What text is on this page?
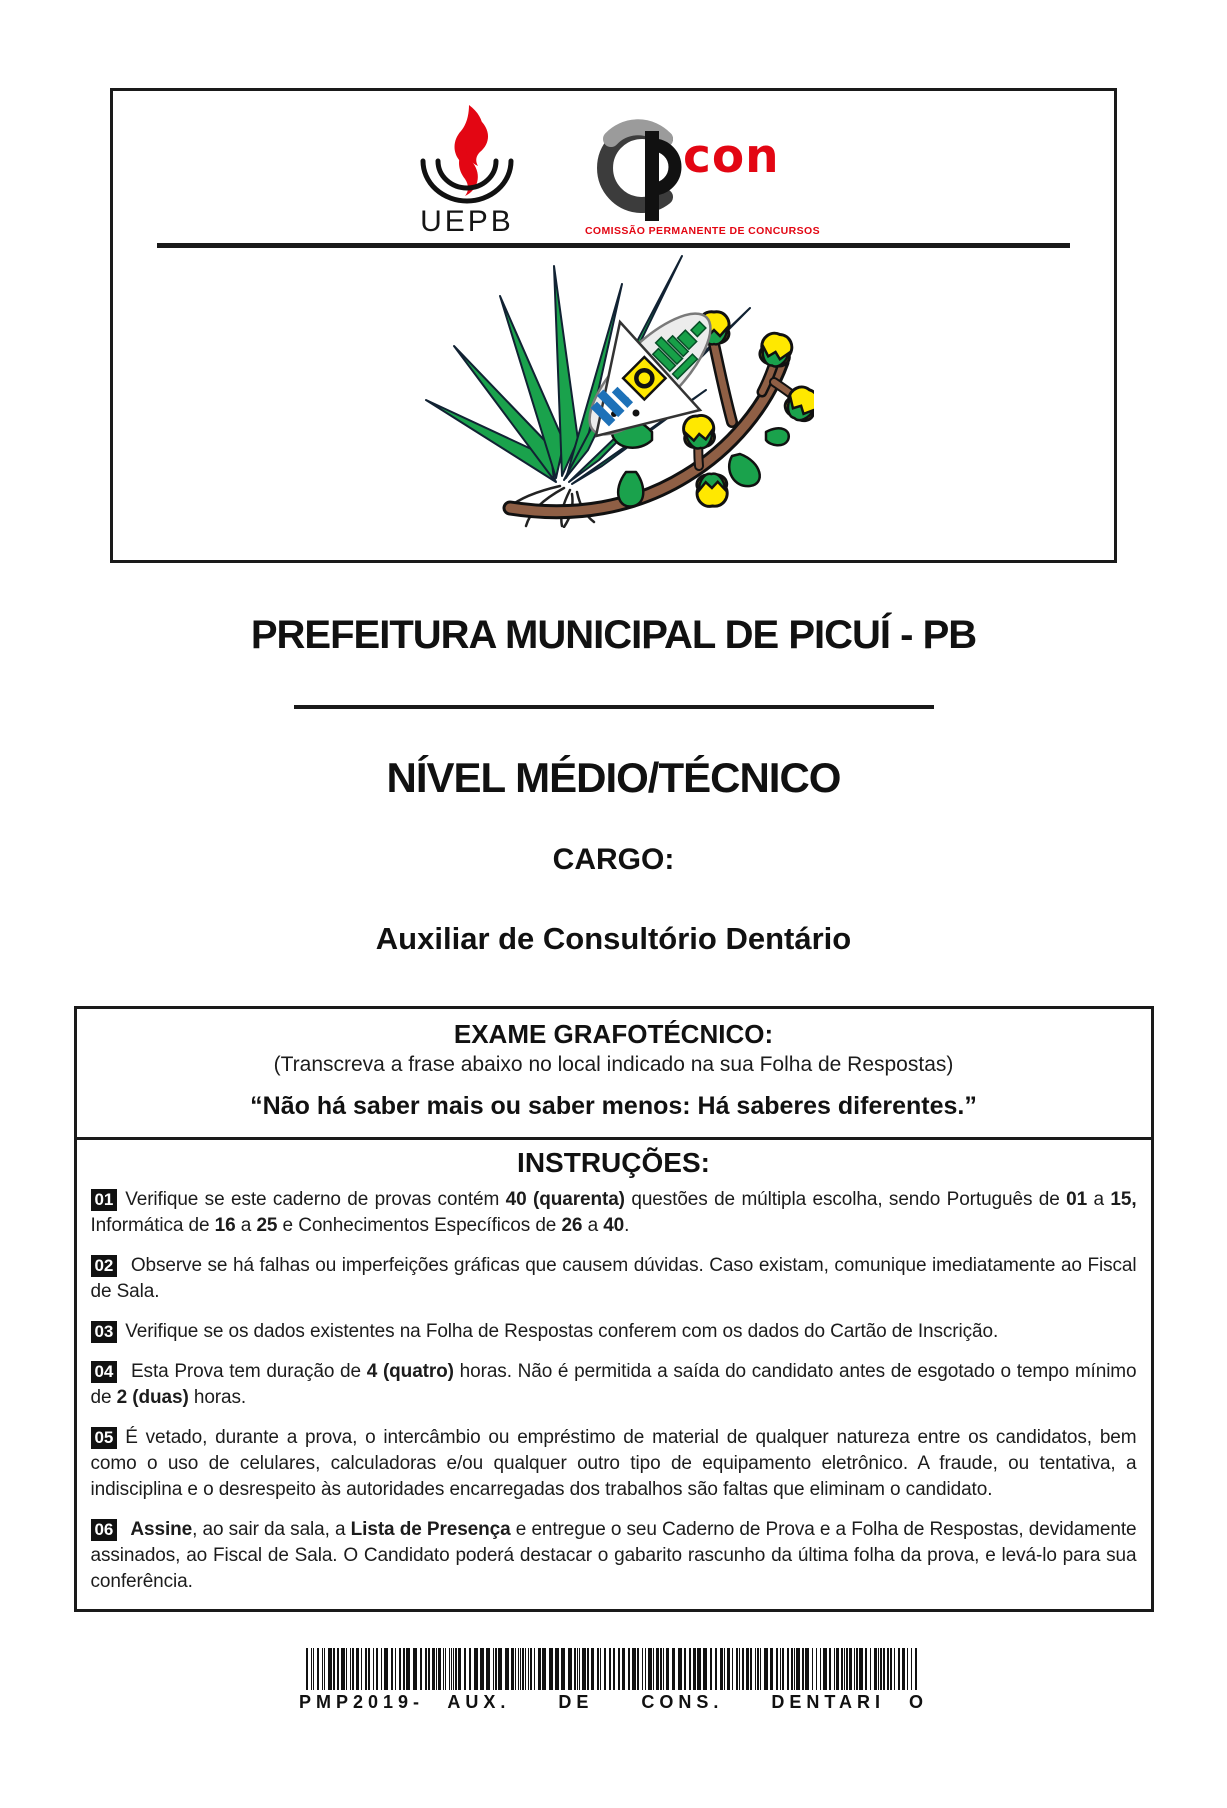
UEPB
con
COMISSÃO PERMANENTE DE CONCURSOS
PREFEITURA MUNICIPAL DE PICUÍ - PB
NÍVEL MÉDIO/TÉCNICO
CARGO:
Auxiliar de Consultório Dentário
EXAME GRAFOTÉCNICO:
(Transcreva a frase abaixo no local indicado na sua Folha de Respostas)
“Não há saber mais ou saber menos: Há saberes diferentes.”
INSTRUÇÕES:

01 Verifique se este caderno de provas contém 40 (quarenta) questões de múltipla escolha, sendo Português de 01 a 15, Informática de 16 a 25 e Conhecimentos Específicos de 26 a 40.

02 Observe se há falhas ou imperfeições gráficas que causem dúvidas. Caso existam, comunique imediatamente ao Fiscal de Sala.

03 Verifique se os dados existentes na Folha de Respostas conferem com os dados do Cartão de Inscrição.

04 Esta Prova tem duração de 4 (quatro) horas. Não é permitida a saída do candidato antes de esgotado o tempo mínimo de 2 (duas) horas.

05 É vetado, durante a prova, o intercâmbio ou empréstimo de material de qualquer natureza entre os candidatos, bem como o uso de celulares, calculadoras e/ou qualquer outro tipo de equipamento eletrônico. A fraude, ou tentativa, a indisciplina e o desrespeito às autoridades encarregadas dos trabalhos são faltas que eliminam o candidato.

06 Assine, ao sair da sala, a Lista de Presença e entregue o seu Caderno de Prova e a Folha de Respostas, devidamente assinados, ao Fiscal de Sala. O Candidato poderá destacar o gabarito rascunho da última folha da prova, e levá-lo para sua conferência.

PMP2019- AUX.  DE  CONS.  DENTARI O
